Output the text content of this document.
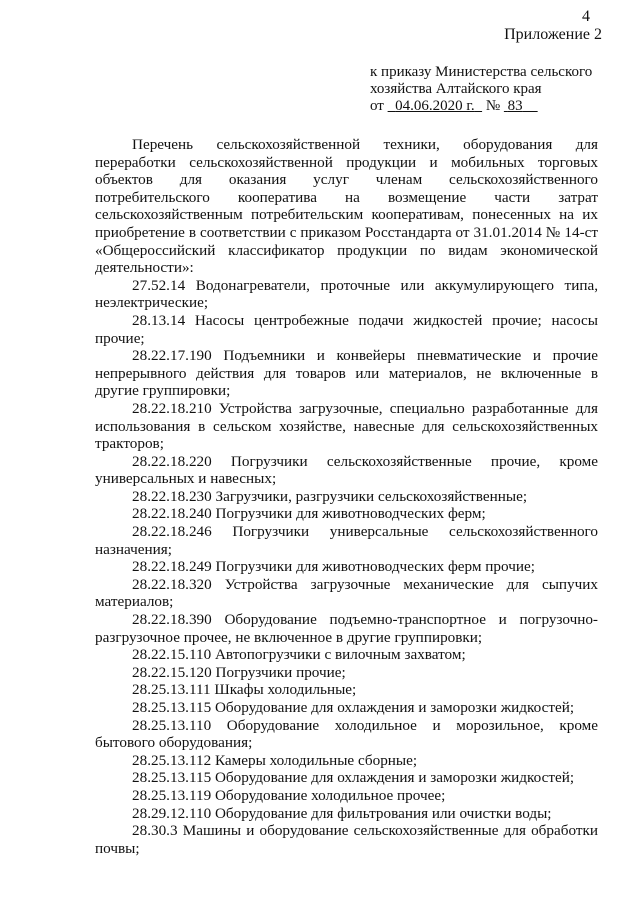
4
Приложение 2
к приказу Министерства сельского
хозяйства Алтайского края
от 04.06.2020 г. № 83

Перечень сельскохозяйственной техники, оборудования для переработки сельскохозяйственной продукции и мобильных торговых объектов для оказания услуг членам сельскохозяйственного потребительского кооператива на возмещение части затрат сельскохозяйственным потребительским кооперативам, понесенных на их приобретение в соответствии с приказом Росстандарта от 31.01.2014 № 14-ст «Общероссийский классификатор продукции по видам экономической деятельности»:

27.52.14 Водонагреватели, проточные или аккумулирующего типа, неэлектрические;

28.13.14 Насосы центробежные подачи жидкостей прочие; насосы прочие;

28.22.17.190 Подъемники и конвейеры пневматические и прочие непрерывного действия для товаров или материалов, не включенные в другие группировки;

28.22.18.210 Устройства загрузочные, специально разработанные для использования в сельском хозяйстве, навесные для сельскохозяйственных тракторов;

28.22.18.220 Погрузчики сельскохозяйственные прочие, кроме универсальных и навесных;

28.22.18.230 Загрузчики, разгрузчики сельскохозяйственные;

28.22.18.240 Погрузчики для животноводческих ферм;

28.22.18.246 Погрузчики универсальные сельскохозяйственного назначения;

28.22.18.249 Погрузчики для животноводческих ферм прочие;

28.22.18.320 Устройства загрузочные механические для сыпучих материалов;

28.22.18.390 Оборудование подъемно-транспортное и погрузочно-разгрузочное прочее, не включенное в другие группировки;

28.22.15.110 Автопогрузчики с вилочным захватом;

28.22.15.120 Погрузчики прочие;

28.25.13.111 Шкафы холодильные;

28.25.13.115 Оборудование для охлаждения и заморозки жидкостей;

28.25.13.110 Оборудование холодильное и морозильное, кроме бытового оборудования;

28.25.13.112 Камеры холодильные сборные;

28.25.13.115 Оборудование для охлаждения и заморозки жидкостей;

28.25.13.119 Оборудование холодильное прочее;

28.29.12.110 Оборудование для фильтрования или очистки воды;

28.30.3 Машины и оборудование сельскохозяйственные для обработки почвы;
